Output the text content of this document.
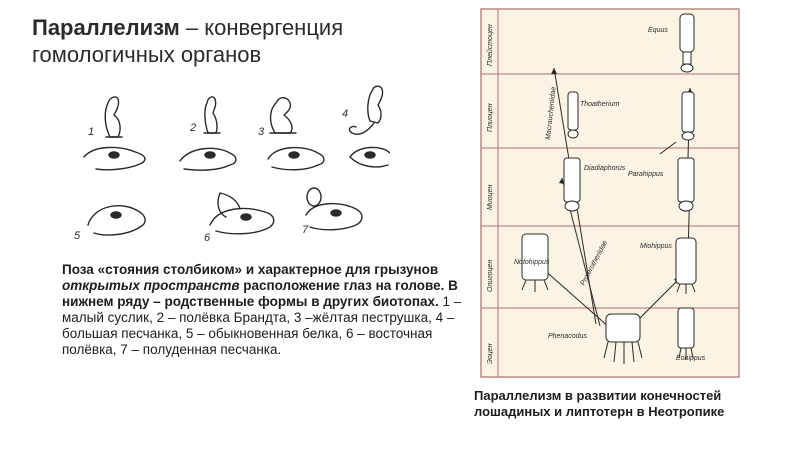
Параллелизм – конвергенция гомологичных органов
1	2	3
4
5	6
7
Поза «стояния столбиком» и характерное для грызунов открытых пространств расположение глаз на голове. В нижнем ряду – родственные формы в других биотопах. 1 – малый суслик, 2 – полёвка Брандта, 3 –жёлтая пеструшка, 4 – большая песчанка, 5 – обыкновенная белка, 6 – восточная полёвка, 7 – полуденная песчанка.
Плейстоцен
Плиоцен
Миоцен
Олигоцен
Эоцен
Equus
Thoatherium
Diadiaphorus
Parahippus
Miohippus
Notohippus
Phenacodus
Eohippus
Macraucheniidae
Proterotheriidae
Параллелизм в развитии конечностей лошадиных и липтотерн в Неотропике
